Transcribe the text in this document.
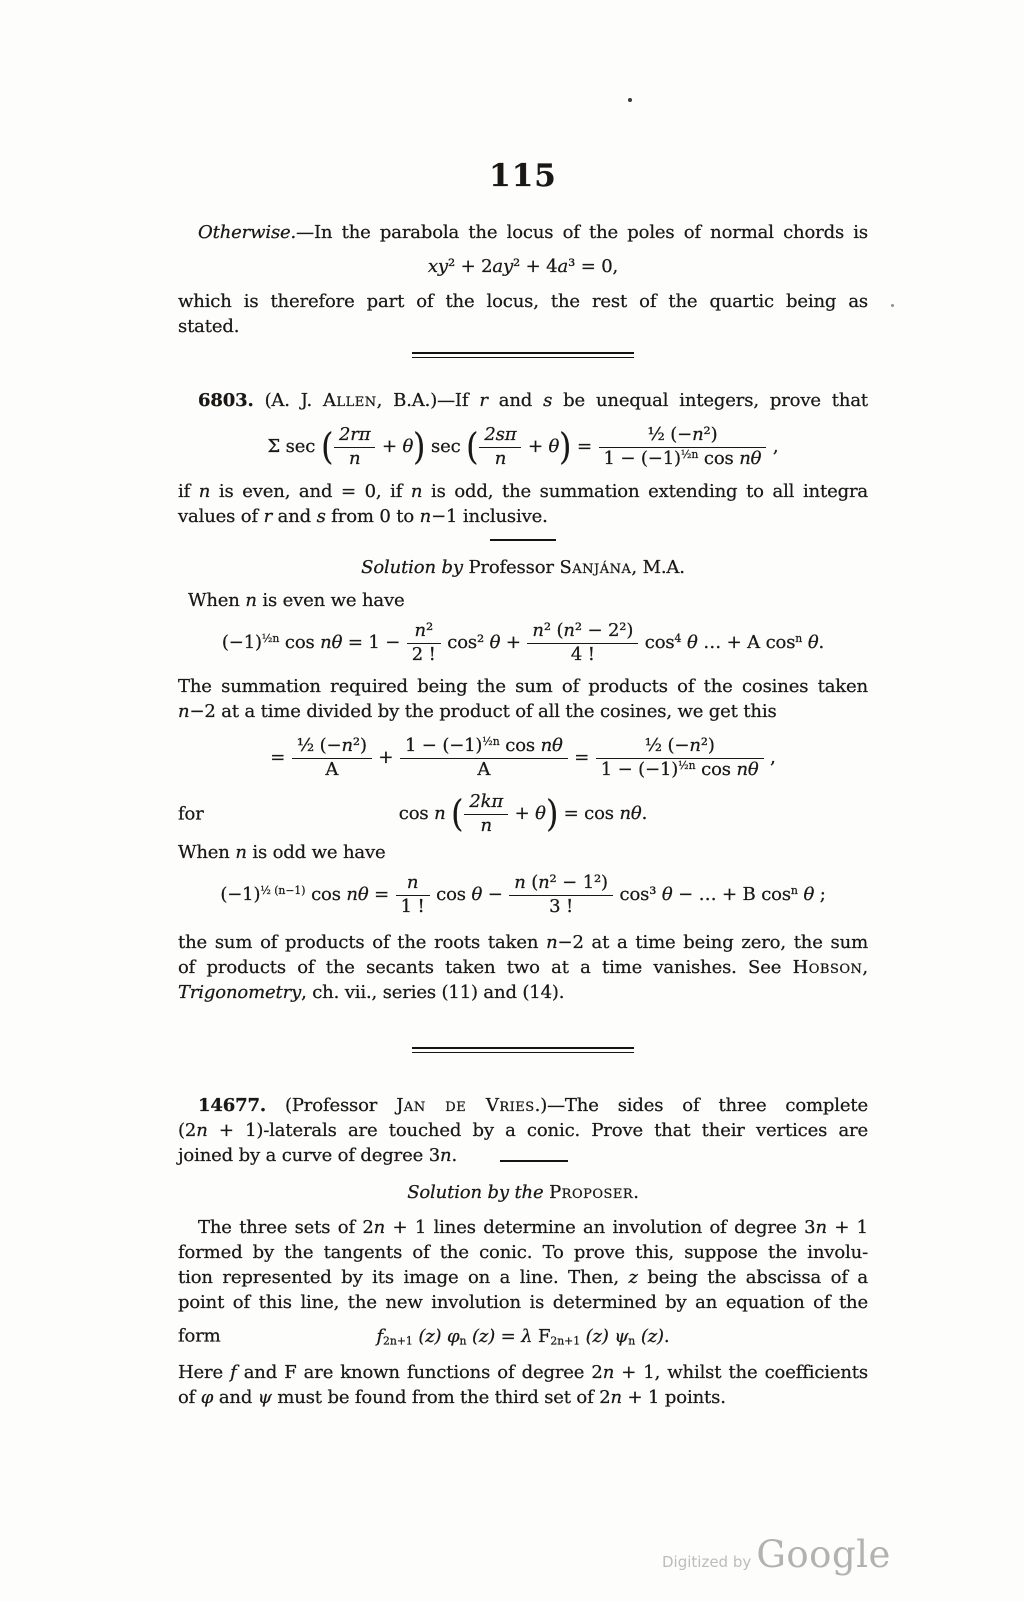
115
Otherwise.—In the parabola the locus of the poles of normal chords is
xy² + 2ay² + 4a³ = 0,
which is therefore part of the locus, the rest of the quartic being as
stated.
6803. (A. J. Allen, B.A.)—If r and s be unequal integers, prove that
Σ sec ( $\frac{2r\pi}{n} + \theta$) sec ( $\frac{2s\pi}{n} + \theta) = \frac{\text{½ (−n²)}}{1 - (-1)^{\frac{1}{2}n} \cos n\theta}$ ,
if n is even, and = 0, if n is odd, the summation extending to all integra
values of r and s from 0 to n−1 inclusive.
Solution by Professor Sanjána, M.A.
When n is even we have
$(-1)^{\frac{1}{2}n}$ $\cos n\theta = 1 - \frac{\text{n²}}{2 !} \cos^2$ $\theta + \frac{\text{n² (n² − 2²)}}{4 !} \cos^4 \theta$ … + A $\cos^n \theta$.
The summation required being the sum of products of the cosines taken
n−2 at a time divided by the product of all the cosines, we get this
= $\frac{\text{½ (−n²)}}{A} + \frac{1 - (-1)^{\frac{1}{2}n} \cos n\theta}{A} = \frac{\text{½ (−n²)}}{1 - (-1)^{\frac{1}{2}n} \cos n\theta}$ ,
for	cos n ( $\frac{2k\pi}{n} + \theta) = \cos n\theta$.
When n is odd we have
$(-1)^{\frac{1}{2} (n-1)}$ $\cos n\theta = \frac{n}{1 !}$ $\cos \theta - \frac{\text{n (n² − 1²)}}{3 !} \cos^3$ θ − … + B $\cos^n \theta$ ;
the sum of products of the roots taken n−2 at a time being zero, the sum
of products of the secants taken two at a time vanishes. See Hobson,
Trigonometry, ch. vii., series (11) and (14).
14677. (Professor Jan de Vries.)—The sides of three complete
(2n + 1)-laterals are touched by a conic. Prove that their vertices are
joined by a curve of degree 3n.
Solution by the Proposer.
The three sets of 2n + 1 lines determine an involution of degree 3n + 1
formed by the tangents of the conic. To prove this, suppose the involu-
tion represented by its image on a line. Then, z being the abscissa of a
point of this line, the new involution is determined by an equation of the
form	$f_{2n+1}$ (z) $\varphi_n$ (z) = λ $F_{2n+1}$ (z) $\psi_n$ (z).
Here f and F are known functions of degree 2n + 1, whilst the coefficients
of φ and ψ must be found from the third set of 2n + 1 points.
Digitized by Google
